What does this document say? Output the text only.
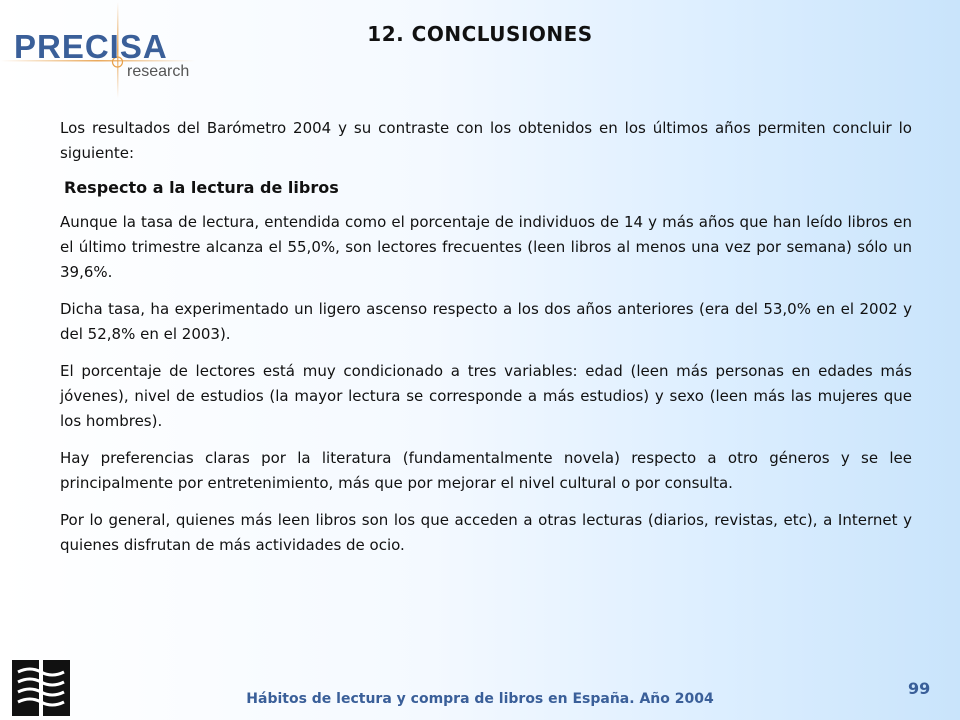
PRECISA
research
12. CONCLUSIONES

Los resultados del Barómetro 2004 y su contraste con los obtenidos en los últimos años permiten concluir lo siguiente:

Respecto a la lectura de libros

Aunque la tasa de lectura, entendida como el porcentaje de individuos de 14 y más años que han leído libros en el último trimestre alcanza el 55,0%, son lectores frecuentes (leen libros al menos una vez por semana) sólo un 39,6%.

Dicha tasa, ha experimentado un ligero ascenso respecto a los dos años anteriores (era del 53,0% en el 2002 y del 52,8% en el 2003).

El porcentaje de lectores está muy condicionado a tres variables: edad (leen más personas en edades más jóvenes), nivel de estudios (la mayor lectura se corresponde a más estudios) y sexo (leen más las mujeres que los hombres).

Hay preferencias claras por la literatura (fundamentalmente novela) respecto a otro géneros y se lee principalmente por entretenimiento, más que por mejorar el nivel cultural o por consulta.

Por lo general, quienes más leen libros son los que acceden a otras lecturas (diarios, revistas, etc), a Internet y quienes disfrutan de más actividades de ocio.

Hábitos de lectura y compra de libros en España. Año 2004
99
